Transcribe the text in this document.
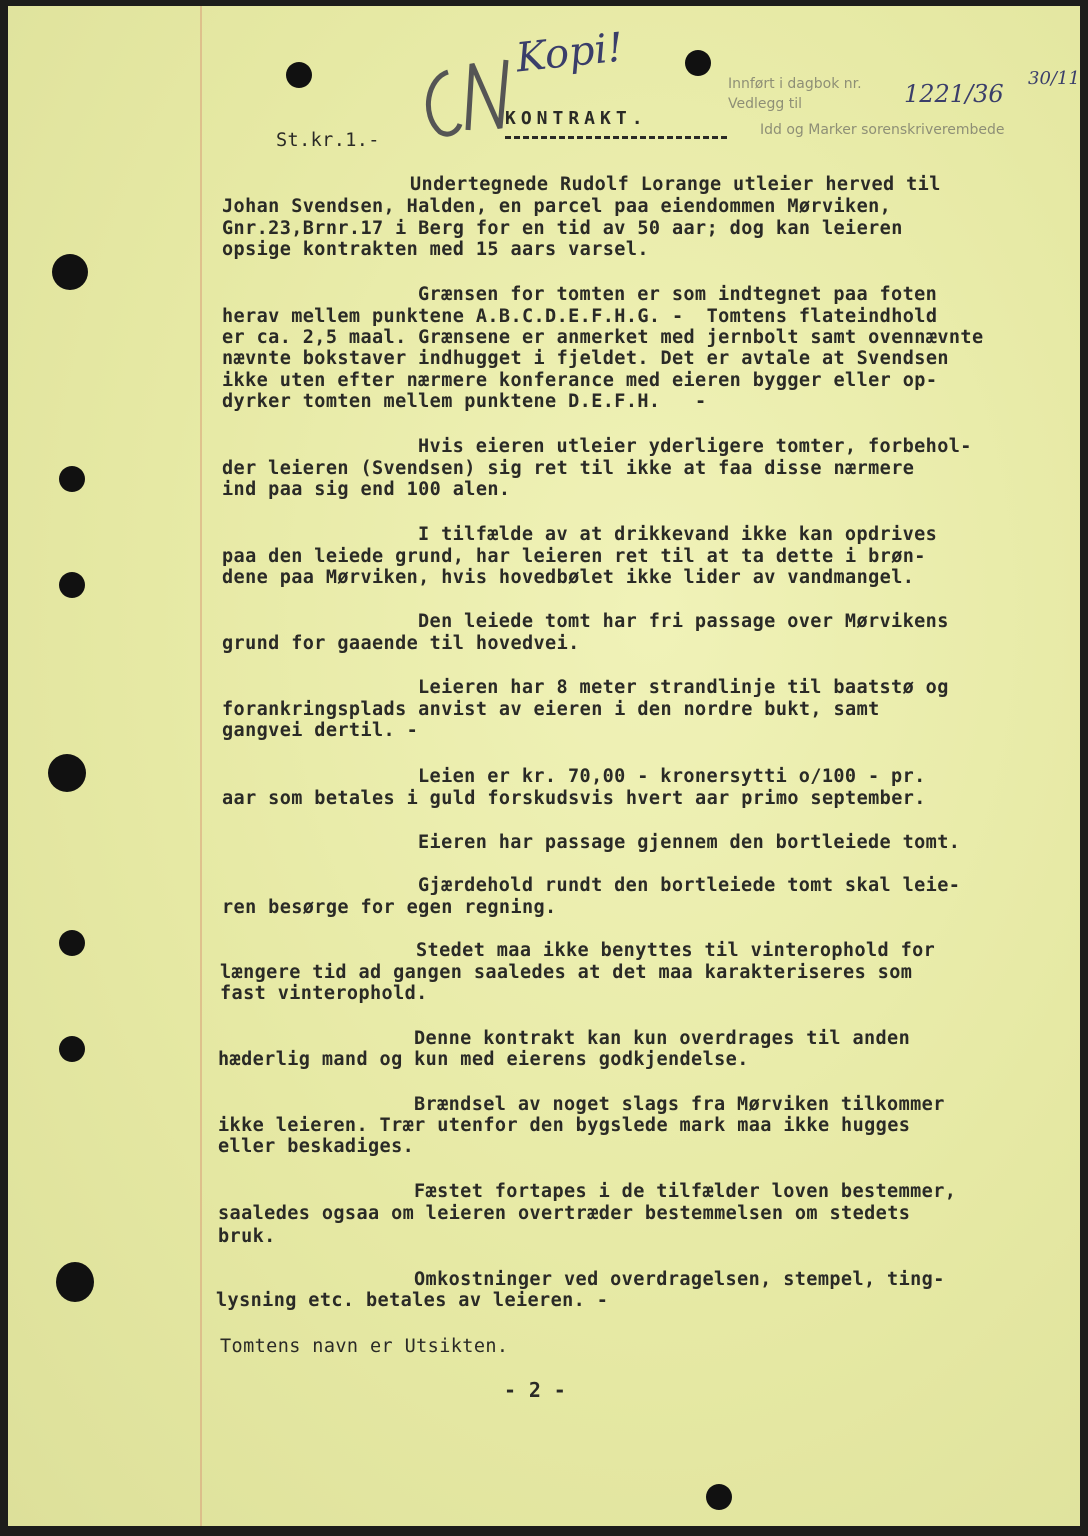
St.kr.1.-
Kopi!
KONTRAKT.
Innført i dagbok nr.
Vedlegg til
Idd og Marker sorenskriverembede
1221/36
30/11
Undertegnede Rudolf Lorange utleier herved til
Johan Svendsen, Halden, en parcel paa eiendommen Mørviken,
Gnr.23,Brnr.17 i Berg for en tid av 50 aar; dog kan leieren
opsige kontrakten med 15 aars varsel.
Grænsen for tomten er som indtegnet paa foten
herav mellem punktene A.B.C.D.E.F.H.G. -  Tomtens flateindhold
er ca. 2,5 maal. Grænsene er anmerket med jernbolt samt ovennævnte
nævnte bokstaver indhugget i fjeldet. Det er avtale at Svendsen
ikke uten efter nærmere konferance med eieren bygger eller op-
dyrker tomten mellem punktene D.E.F.H.   -
Hvis eieren utleier yderligere tomter, forbehol-
der leieren (Svendsen) sig ret til ikke at faa disse nærmere
ind paa sig end 100 alen.
I tilfælde av at drikkevand ikke kan opdrives
paa den leiede grund, har leieren ret til at ta dette i brøn-
dene paa Mørviken, hvis hovedbølet ikke lider av vandmangel.
Den leiede tomt har fri passage over Mørvikens
grund for gaaende til hovedvei.
Leieren har 8 meter strandlinje til baatstø og
forankringsplads anvist av eieren i den nordre bukt, samt
gangvei dertil. -
Leien er kr. 70,00 - kronersytti o/100 - pr.
aar som betales i guld forskudsvis hvert aar primo september.
Eieren har passage gjennem den bortleiede tomt.
Gjærdehold rundt den bortleiede tomt skal leie-
ren besørge for egen regning.
Stedet maa ikke benyttes til vinterophold for
længere tid ad gangen saaledes at det maa karakteriseres som
fast vinterophold.
Denne kontrakt kan kun overdrages til anden
hæderlig mand og kun med eierens godkjendelse.
Brændsel av noget slags fra Mørviken tilkommer
ikke leieren. Trær utenfor den bygslede mark maa ikke hugges
eller beskadiges.
Fæstet fortapes i de tilfælder loven bestemmer,
saaledes ogsaa om leieren overtræder bestemmelsen om stedets
bruk.
Omkostninger ved overdragelsen, stempel, ting-
lysning etc. betales av leieren. -
Tomtens navn er Utsikten.
- 2 -
